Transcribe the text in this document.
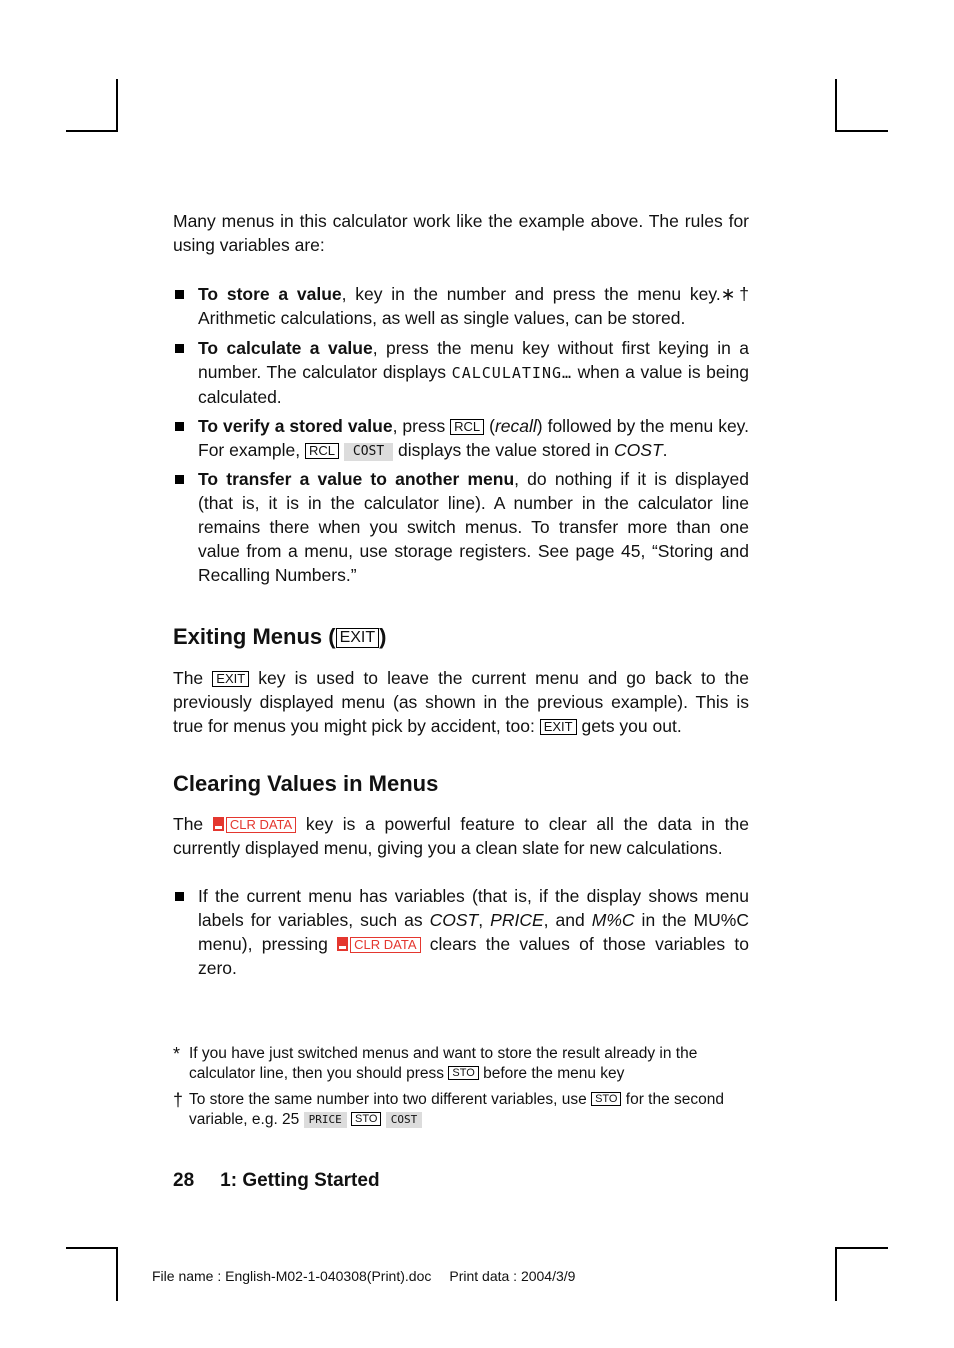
Many menus in this calculator work like the example above. The rules for using variables are:
To store a value, key in the number and press the menu key.∗† Arithmetic calculations, as well as single values, can be stored.
To calculate a value, press the menu key without first keying in a number. The calculator displays CALCULATING… when a value is being calculated.
To verify a stored value, press RCL (recall) followed by the menu key. For example, RCL COST displays the value stored in COST.
To transfer a value to another menu, do nothing if it is displayed (that is, it is in the calculator line). A number in the calculator line remains there when you switch menus. To transfer more than one value from a menu, use storage registers. See page 45, “Storing and Recalling Numbers.”
Exiting Menus ( EXIT )
The EXIT key is used to leave the current menu and go back to the previously displayed menu (as shown in the previous example). This is true for menus you might pick by accident, too: EXIT gets you out.
Clearing Values in Menus
The CLR DATA key is a powerful feature to clear all the data in the currently displayed menu, giving you a clean slate for new calculations.
If the current menu has variables (that is, if the display shows menu labels for variables, such as COST, PRICE, and M%C in the MU%C menu), pressing CLR DATA clears the values of those variables to zero.
* If you have just switched menus and want to store the result already in the calculator line, then you should press STO before the menu key
† To store the same number into two different variables, use STO for the second variable, e.g. 25 PRICE STO COST
28 1: Getting Started
File name : English-M02-1-040308(Print).doc Print data : 2004/3/9
